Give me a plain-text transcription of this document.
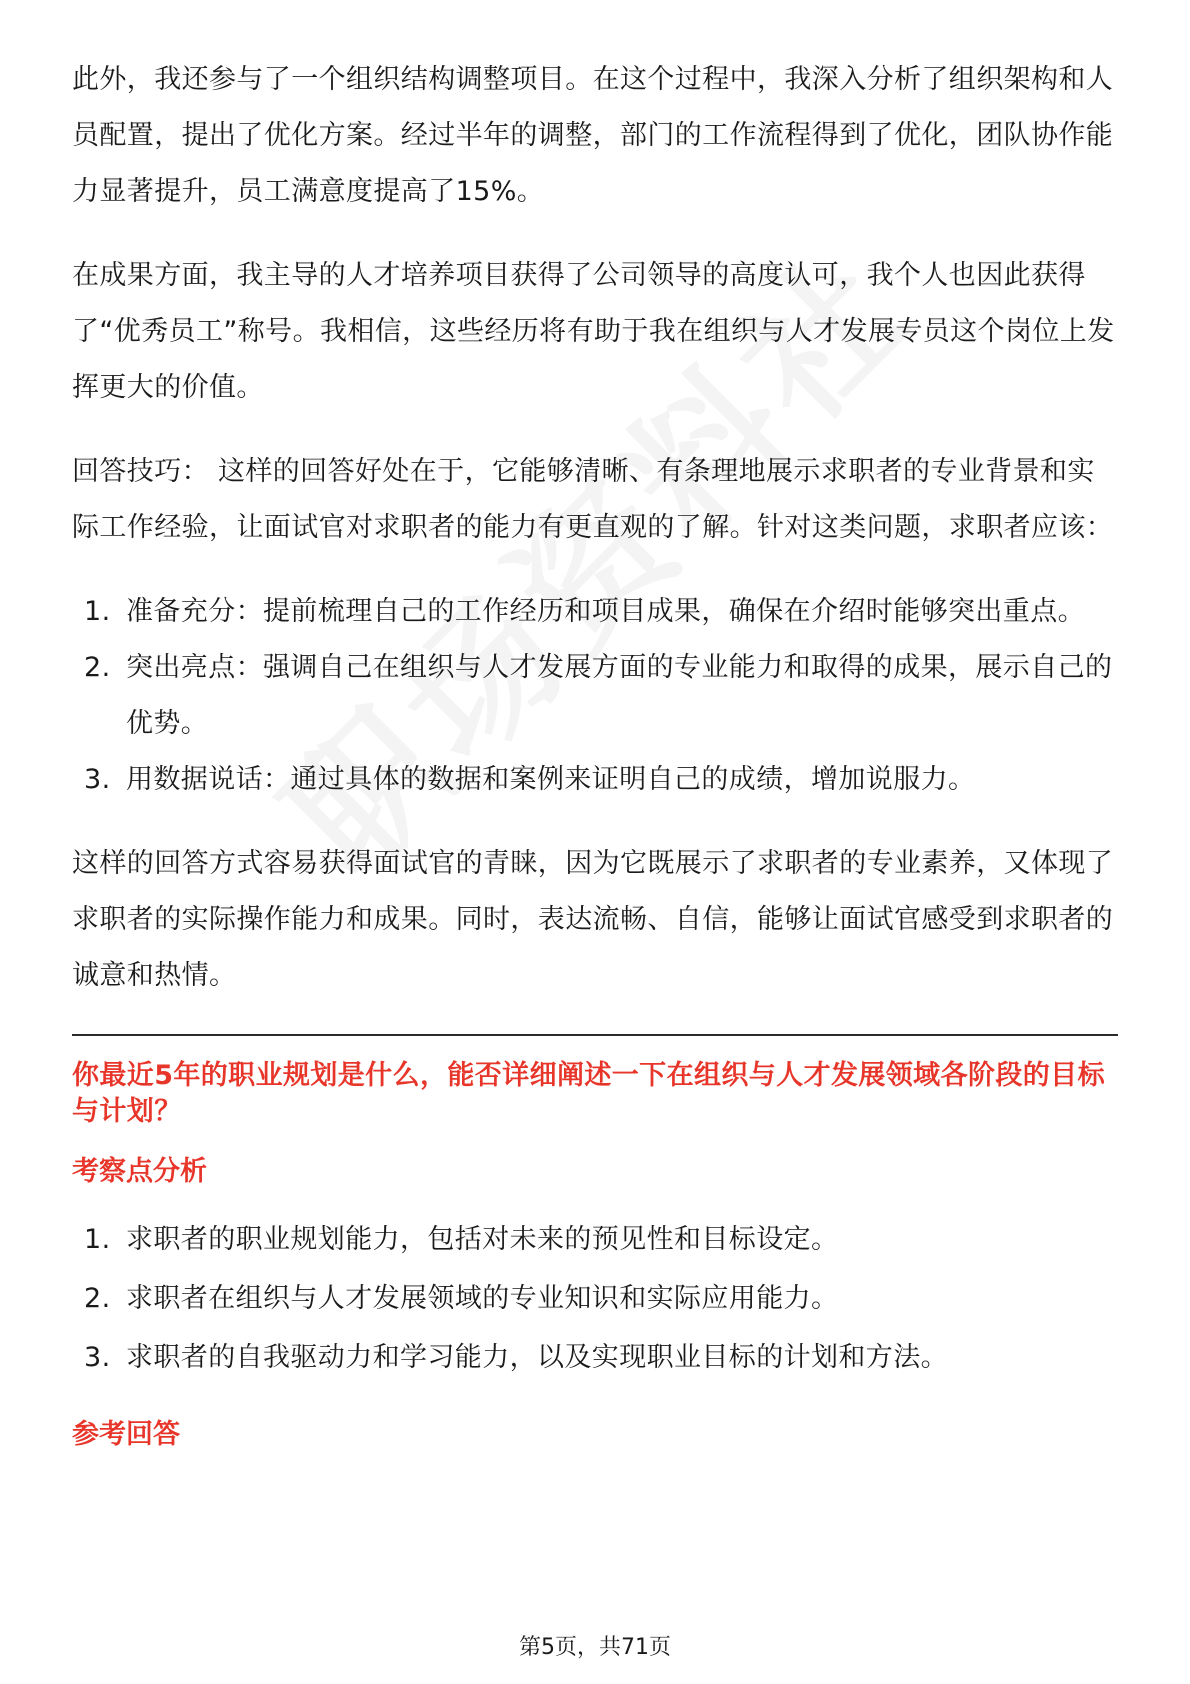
此外，我还参与了一个组织结构调整项目。在这个过程中，我深入分析了组织架构和人员配置，提出了优化方案。经过半年的调整，部门的工作流程得到了优化，团队协作能力显著提升，员工满意度提高了15%。

在成果方面，我主导的人才培养项目获得了公司领导的高度认可，我个人也因此获得了“优秀员工”称号。我相信，这些经历将有助于我在组织与人才发展专员这个岗位上发挥更大的价值。

回答技巧： 这样的回答好处在于，它能够清晰、有条理地展示求职者的专业背景和实际工作经验，让面试官对求职者的能力有更直观的了解。针对这类问题，求职者应该：

1. 准备充分：提前梳理自己的工作经历和项目成果，确保在介绍时能够突出重点。
2. 突出亮点：强调自己在组织与人才发展方面的专业能力和取得的成果，展示自己的优势。
3. 用数据说话：通过具体的数据和案例来证明自己的成绩，增加说服力。

这样的回答方式容易获得面试官的青睐，因为它既展示了求职者的专业素养，又体现了求职者的实际操作能力和成果。同时，表达流畅、自信，能够让面试官感受到求职者的诚意和热情。

你最近5年的职业规划是什么，能否详细阐述一下在组织与人才发展领域各阶段的目标与计划？
考察点分析
1. 求职者的职业规划能力，包括对未来的预见性和目标设定。
2. 求职者在组织与人才发展领域的专业知识和实际应用能力。
3. 求职者的自我驱动力和学习能力，以及实现职业目标的计划和方法。
参考回答
第5页，共71页
